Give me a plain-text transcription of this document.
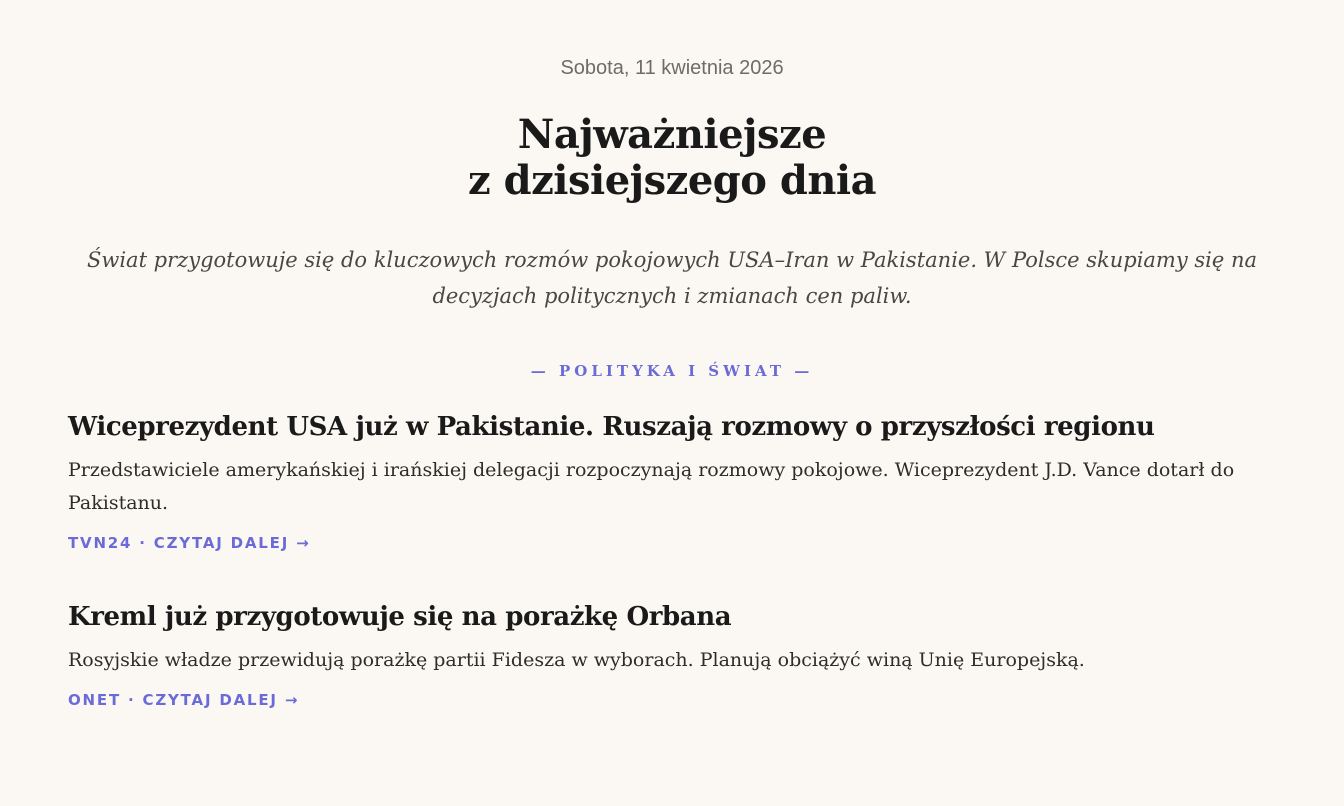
Sobota, 11 kwietnia 2026
Najważniejsze
z dzisiejszego dnia

Świat przygotowuje się do kluczowych rozmów pokojowych USA–Iran w Pakistanie. W Polsce skupiamy się na decyzjach politycznych i zmianach cen paliw.

— POLITYKA I ŚWIAT —
Wiceprezydent USA już w Pakistanie. Ruszają rozmowy o przyszłości regionu

Przedstawiciele amerykańskiej i irańskiej delegacji rozpoczynają rozmowy pokojowe. Wiceprezydent J.D. Vance dotarł do Pakistanu.

TVN24 · CZYTAJ DALEJ →
Kreml już przygotowuje się na porażkę Orbana

Rosyjskie władze przewidują porażkę partii Fidesza w wyborach. Planują obciążyć winą Unię Europejską.

ONET · CZYTAJ DALEJ →
